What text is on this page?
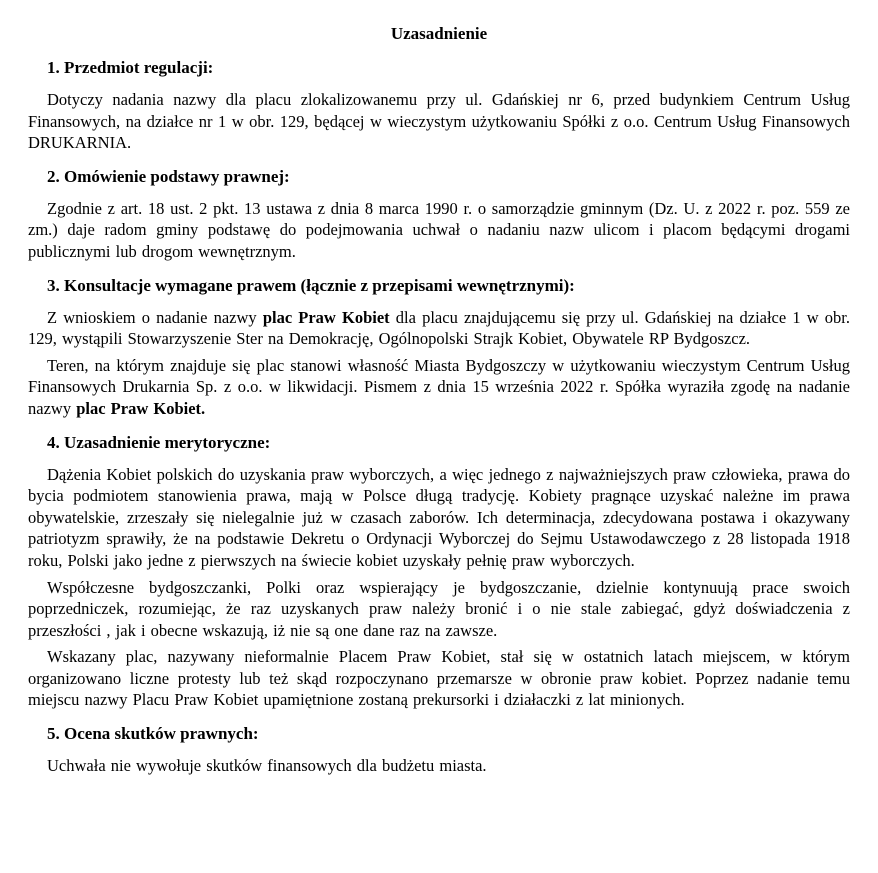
Uzasadnienie
1. Przedmiot regulacji:

Dotyczy nadania nazwy dla placu zlokalizowanemu przy ul. Gdańskiej nr 6, przed budynkiem Centrum Usług Finansowych, na działce nr 1 w obr. 129, będącej w wieczystym użytkowaniu Spółki z o.o. Centrum Usług Finansowych DRUKARNIA.

2. Omówienie podstawy prawnej:

Zgodnie z art. 18 ust. 2 pkt. 13 ustawa z dnia 8 marca 1990 r. o samorządzie gminnym (Dz. U. z 2022 r. poz. 559 ze zm.) daje radom gminy podstawę do podejmowania uchwał o nadaniu nazw ulicom i placom będącymi drogami publicznymi lub drogom wewnętrznym.

3. Konsultacje wymagane prawem (łącznie z przepisami wewnętrznymi):

Z wnioskiem o nadanie nazwy plac Praw Kobiet dla placu znajdującemu się przy ul. Gdańskiej na działce 1 w obr. 129, wystąpili Stowarzyszenie Ster na Demokrację, Ogólnopolski Strajk Kobiet, Obywatele RP Bydgoszcz.

Teren, na którym znajduje się plac stanowi własność Miasta Bydgoszczy w użytkowaniu wieczystym Centrum Usług Finansowych Drukarnia Sp. z o.o. w likwidacji. Pismem z dnia 15 września 2022 r. Spółka wyraziła zgodę na nadanie nazwy plac Praw Kobiet.

4. Uzasadnienie merytoryczne:

Dążenia Kobiet polskich do uzyskania praw wyborczych, a więc jednego z najważniejszych praw człowieka, prawa do bycia podmiotem stanowienia prawa, mają w Polsce długą tradycję. Kobiety pragnące uzyskać należne im prawa obywatelskie, zrzeszały się nielegalnie już w czasach zaborów. Ich determinacja, zdecydowana postawa i okazywany patriotyzm sprawiły, że na podstawie Dekretu o Ordynacji Wyborczej do Sejmu Ustawodawczego z 28 listopada 1918 roku, Polski jako jedne z pierwszych na świecie kobiet uzyskały pełnię praw wyborczych.

Współczesne bydgoszczanki, Polki oraz wspierający je bydgoszczanie, dzielnie kontynuują prace swoich poprzedniczek, rozumiejąc, że raz uzyskanych praw należy bronić i o nie stale zabiegać, gdyż doświadczenia z przeszłości , jak i obecne wskazują, iż nie są one dane raz na zawsze.

Wskazany plac, nazywany nieformalnie Placem Praw Kobiet, stał się w ostatnich latach miejscem, w którym organizowano liczne protesty lub też skąd rozpoczynano przemarsze w obronie praw kobiet. Poprzez nadanie temu miejscu nazwy Placu Praw Kobiet upamiętnione zostaną prekursorki i działaczki z lat minionych.

5. Ocena skutków prawnych:

Uchwała nie wywołuje skutków finansowych dla budżetu miasta.
